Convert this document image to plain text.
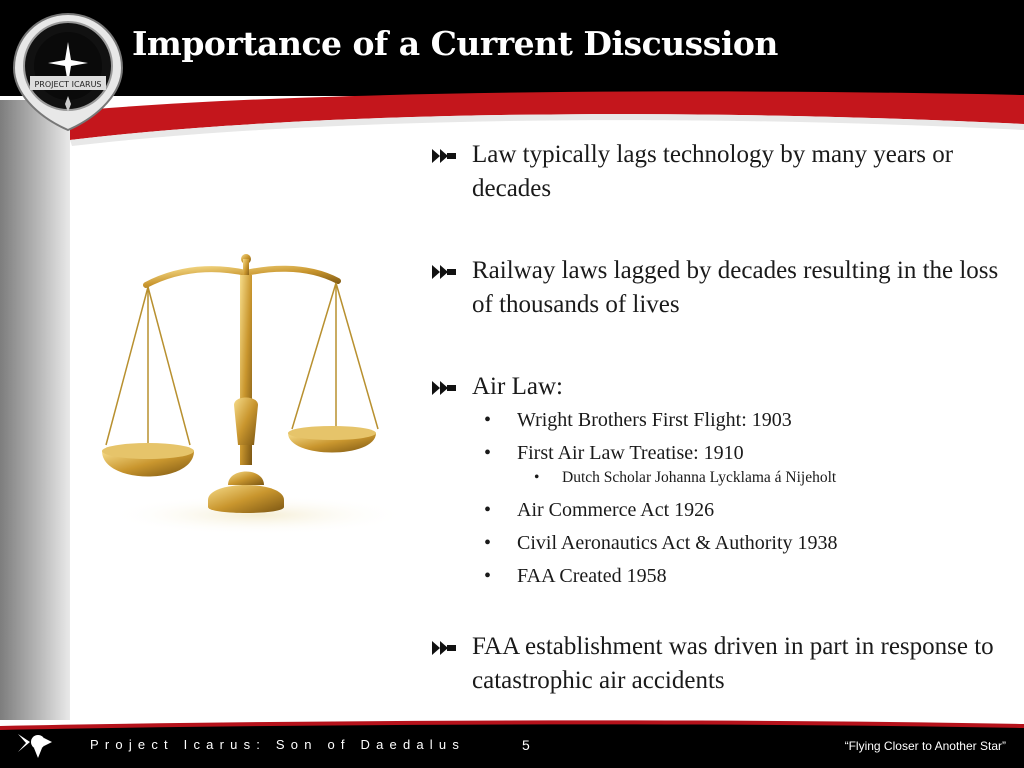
Importance of a Current Discussion
PROJECT ICARUS
Law typically lags technology by many years or decades
Railway laws lagged by decades resulting in the loss of thousands of lives
Air Law:
• Wright Brothers First Flight: 1903
• First Air Law Treatise: 1910
• Dutch Scholar Johanna Lycklama á Nijeholt
• Air Commerce Act 1926
• Civil Aeronautics Act & Authority 1938
• FAA Created 1958
FAA establishment was driven in part in response to catastrophic air accidents
Project Icarus: Son of Daedalus	5	“Flying Closer to Another Star”
